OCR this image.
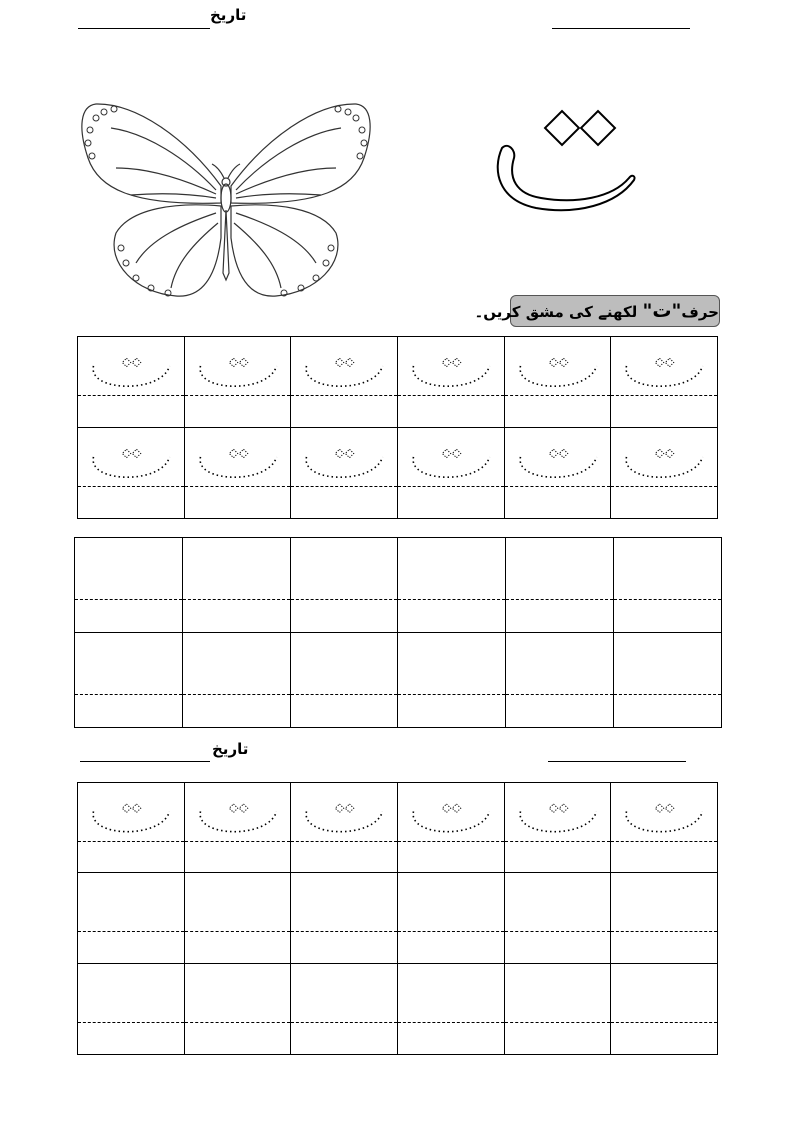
تاریخ
حرف"ت" لکھنے کی مشق کریں۔

تاریخ
